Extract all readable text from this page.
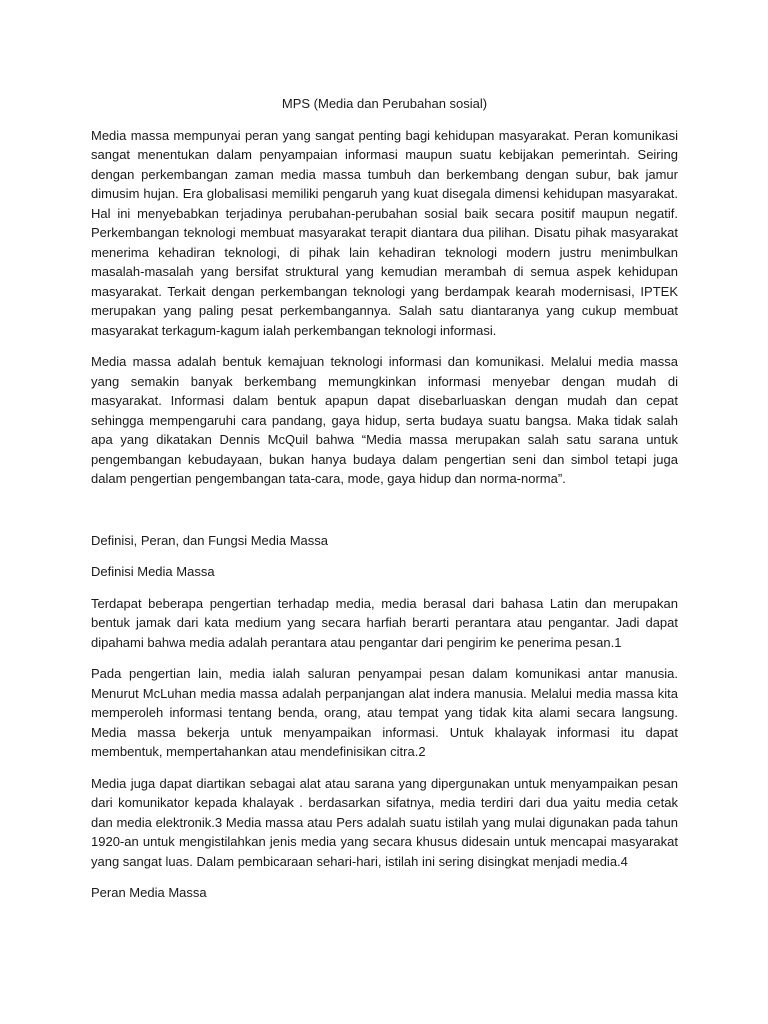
MPS (Media dan Perubahan sosial)

Media massa mempunyai peran yang sangat penting bagi kehidupan masyarakat. Peran komunikasi sangat menentukan dalam penyampaian informasi maupun suatu kebijakan pemerintah. Seiring dengan perkembangan zaman media massa tumbuh dan berkembang dengan subur, bak jamur dimusim hujan. Era globalisasi memiliki pengaruh yang kuat disegala dimensi kehidupan masyarakat. Hal ini menyebabkan terjadinya perubahan-perubahan sosial baik secara positif maupun negatif. Perkembangan teknologi membuat masyarakat terapit diantara dua pilihan. Disatu pihak masyarakat menerima kehadiran teknologi, di pihak lain kehadiran teknologi modern justru menimbulkan masalah-masalah yang bersifat struktural yang kemudian merambah di semua aspek kehidupan masyarakat. Terkait dengan perkembangan teknologi yang berdampak kearah modernisasi, IPTEK merupakan yang paling pesat perkembangannya. Salah satu diantaranya yang cukup membuat masyarakat terkagum-kagum ialah perkembangan teknologi informasi.

Media massa adalah bentuk kemajuan teknologi informasi dan komunikasi. Melalui media massa yang semakin banyak berkembang memungkinkan informasi menyebar dengan mudah di masyarakat. Informasi dalam bentuk apapun dapat disebarluaskan dengan mudah dan cepat sehingga mempengaruhi cara pandang, gaya hidup, serta budaya suatu bangsa. Maka tidak salah apa yang dikatakan Dennis McQuil bahwa “Media massa merupakan salah satu sarana untuk pengembangan kebudayaan, bukan hanya budaya dalam pengertian seni dan simbol tetapi juga dalam pengertian pengembangan tata-cara, mode, gaya hidup dan norma-norma”.

Definisi, Peran, dan Fungsi Media Massa
Definisi Media Massa

Terdapat beberapa pengertian terhadap media, media berasal dari bahasa Latin dan merupakan bentuk jamak dari kata medium yang secara harfiah berarti perantara atau pengantar. Jadi dapat dipahami bahwa media adalah perantara atau pengantar dari pengirim ke penerima pesan.1

Pada pengertian lain, media ialah saluran penyampai pesan dalam komunikasi antar manusia. Menurut McLuhan media massa adalah perpanjangan alat indera manusia. Melalui media massa kita memperoleh informasi tentang benda, orang, atau tempat yang tidak kita alami secara langsung. Media massa bekerja untuk menyampaikan informasi. Untuk khalayak informasi itu dapat membentuk, mempertahankan atau mendefinisikan citra.2

Media juga dapat diartikan sebagai alat atau sarana yang dipergunakan untuk menyampaikan pesan dari komunikator kepada khalayak . berdasarkan sifatnya, media terdiri dari dua yaitu media cetak dan media elektronik.3 Media massa atau Pers adalah suatu istilah yang mulai digunakan pada tahun 1920-an untuk mengistilahkan jenis media yang secara khusus didesain untuk mencapai masyarakat yang sangat luas. Dalam pembicaraan sehari-hari, istilah ini sering disingkat menjadi media.4

Peran Media Massa
